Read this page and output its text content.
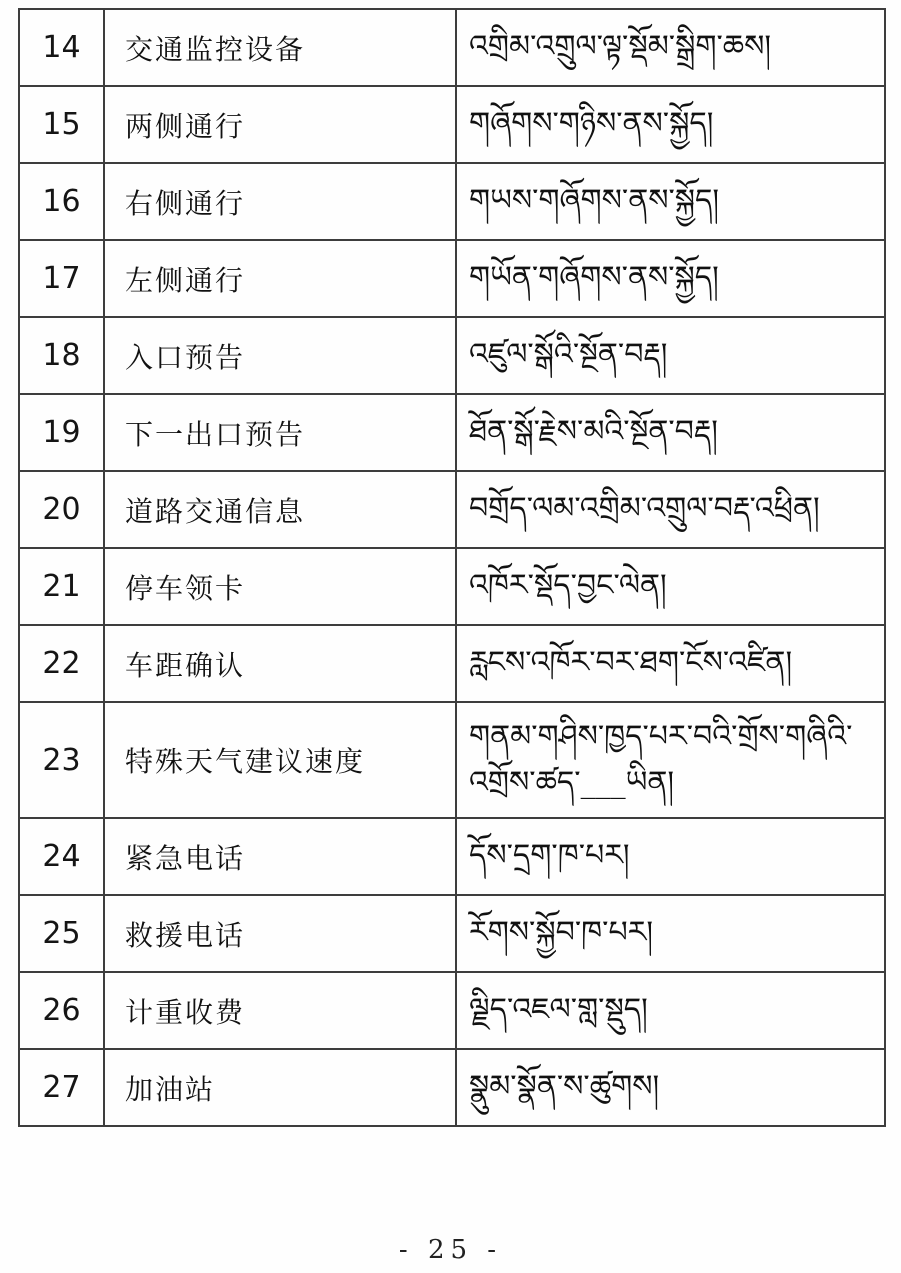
14	交通监控设备	འགྲིམ་འགྲུལ་ལྟ་སྡོམ་སྒྲིག་ཆས།
15	两侧通行	གཞོགས་གཉིས་ནས་སྐྱོད།
16	右侧通行	གཡས་གཞོགས་ནས་སྐྱོད།
17	左侧通行	གཡོན་གཞོགས་ནས་སྐྱོད།
18	入口预告	འཛུལ་སྒོའི་སྔོན་བརྡ།
19	下一出口预告	ཐོན་སྒོ་རྗེས་མའི་སྔོན་བརྡ།
20	道路交通信息	བགྲོད་ལམ་འགྲིམ་འགྲུལ་བརྡ་འཕྲིན།
21	停车领卡	འཁོར་སྡོད་བྱང་ལེན།
22	车距确认	རླངས་འཁོར་བར་ཐག་ངོས་འཛིན།
23	特殊天气建议速度	གནམ་གཤིས་ཁྱད་པར་བའི་གྲོས་གཞིའི་ འགྲོས་ཚད་___ཡིན།
24	紧急电话	དོས་དྲག་ཁ་པར།
25	救援电话	རོགས་སྐྱོབ་ཁ་པར།
26	计重收费	ལྗིད་འཇལ་གླ་སྡུད།
27	加油站	སྣུམ་སྣོན་ས་ཚུགས།
- 25 -
